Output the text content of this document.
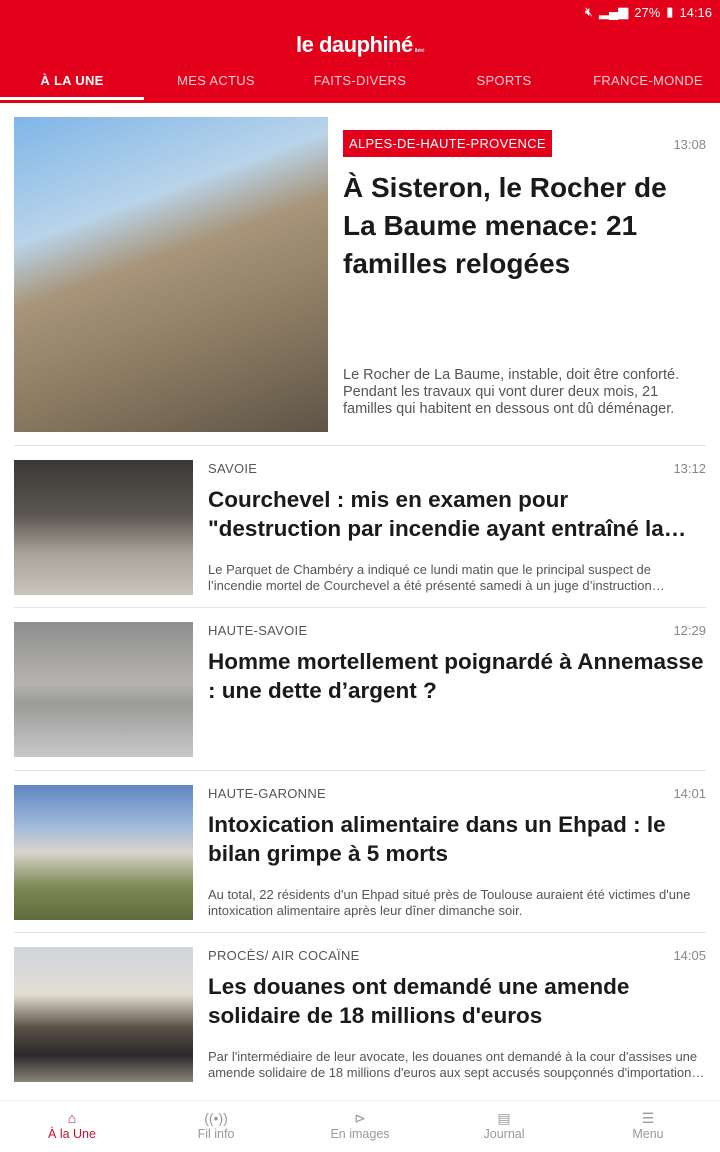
🔇︎ ▂▄▆ 27% ▮ 14:16
le dauphiné libéré
À LA UNE	MES ACTUS	FAITS-DIVERS	SPORTS	FRANCE-MONDE
ALPES-DE-HAUTE-PROVENCE	13:08
À Sisteron, le Rocher de La Baume menace: 21 familles relogées

Le Rocher de La Baume, instable, doit être conforté. Pendant les travaux qui vont durer deux mois, 21 familles qui habitent en dessous ont dû déménager.

SAVOIE	13:12
Courchevel : mis en examen pour "destruction par incendie ayant entraîné la

Le Parquet de Chambéry a indiqué ce lundi matin que le principal suspect de l’incendie mortel de Courchevel a été présenté samedi à un juge d’instruction

HAUTE-SAVOIE	12:29
Homme mortellement poignardé à Annemasse : une dette d’argent ?

HAUTE-GARONNE	14:01
Intoxication alimentaire dans un Ehpad : le bilan grimpe à 5 morts

Au total, 22 résidents d'un Ehpad situé près de Toulouse auraient été victimes d'une intoxication alimentaire après leur dîner dimanche soir.

PROCÈS/ AIR COCAÏNE	14:05
Les douanes ont demandé une amende solidaire de 18 millions d'euros

Par l'intermédiaire de leur avocate, les douanes ont demandé à la cour d'assises une amende solidaire de 18 millions d'euros aux sept accusés soupçonnés d'importation

⌂
À la Une
((•))
Fil info
⊳
En images
▤
Journal
☰
Menu
